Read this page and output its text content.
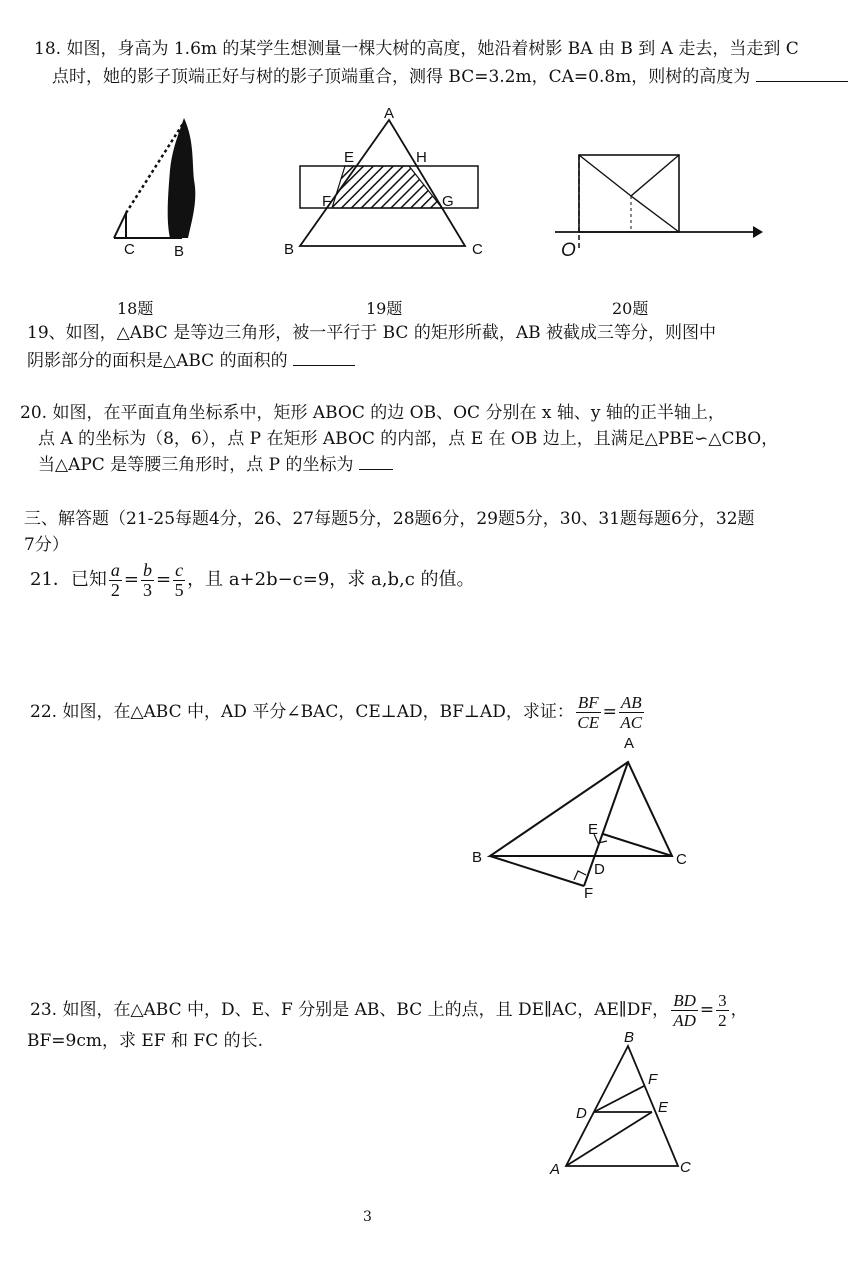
18. 如图，身高为 1.6m 的某学生想测量一棵大树的高度，她沿着树影 BA 由 B 到 A 走去，当走到 C
点时，她的影子顶端正好与树的影子顶端重合，测得 BC=3.2m，CA=0.8m，则树的高度为
C	B
A
E	H
F	G
B	C	O
18题	19题	20题
19、如图，△ABC 是等边三角形，被一平行于 BC 的矩形所截，AB 被截成三等分，则图中
阴影部分的面积是△ABC 的面积的
20. 如图，在平面直角坐标系中，矩形 ABOC 的边 OB、OC 分别在 x 轴、y 轴的正半轴上，
点 A 的坐标为（8，6），点 P 在矩形 ABOC 的内部，点 E 在 OB 边上，且满足△PBE∽△CBO，
当△APC 是等腰三角形时，点 P 的坐标为
三、解答题（21-25每题4分，26、27每题5分，28题6分，29题5分，30、31题每题6分，32题
7分）
21．已知 $\frac{a}{2} = \frac{b}{3} = \frac{c}{5}$ ，且 a+2b−c=9，求 a,b,c 的值。
22. 如图，在△ABC 中，AD 平分∠BAC，CE⊥AD，BF⊥AD，求证： $\frac{BF}{CE} = \frac{AB}{AC}$
A
B	C
D
E
F
23. 如图，在△ABC 中，D、E、F 分别是 AB、BC 上的点，且 DE∥AC，AE∥DF， $\frac{BD}{AD} = \frac{3}{2}$ ，
BF=9cm，求 EF 和 FC 的长.	B
F
D	E
A	C
3
